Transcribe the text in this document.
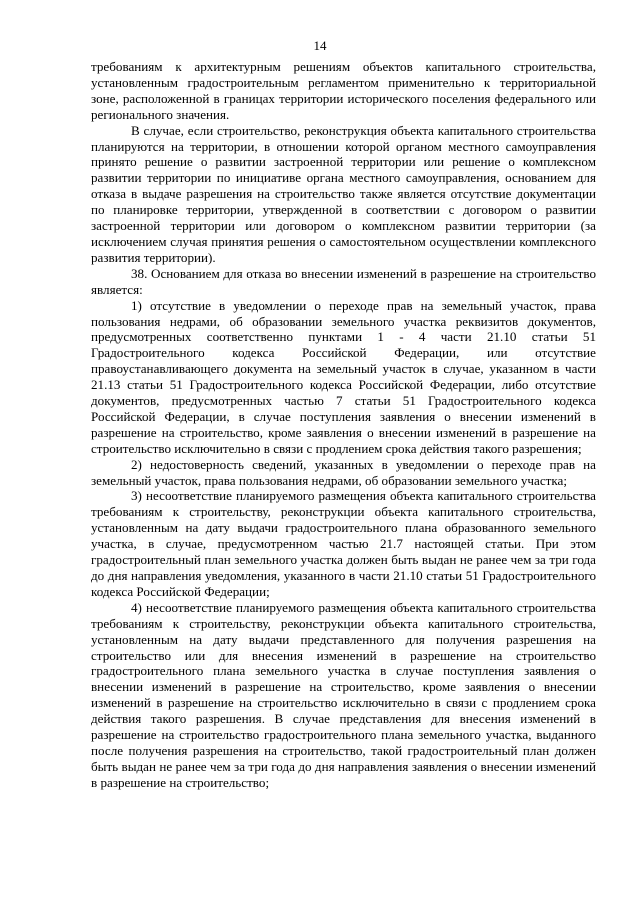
14

требованиям к архитектурным решениям объектов капитального строительства, установленным градостроительным регламентом применительно к территориальной зоне, расположенной в границах территории исторического поселения федерального или регионального значения.

В случае, если строительство, реконструкция объекта капитального строительства планируются на территории, в отношении которой органом местного самоуправления принято решение о развитии застроенной территории или решение о комплексном развитии территории по инициативе органа местного самоуправления, основанием для отказа в выдаче разрешения на строительство также является отсутствие документации по планировке территории, утвержденной в соответствии с договором о развитии застроенной территории или договором о комплексном развитии территории (за исключением случая принятия решения о самостоятельном осуществлении комплексного развития территории).

38. Основанием для отказа во внесении изменений в разрешение на строительство является:

1) отсутствие в уведомлении о переходе прав на земельный участок, права пользования недрами, об образовании земельного участка реквизитов документов, предусмотренных соответственно пунктами 1 - 4 части 21.10 статьи 51 Градостроительного кодекса Российской Федерации, или отсутствие правоустанавливающего документа на земельный участок в случае, указанном в части 21.13 статьи 51 Градостроительного кодекса Российской Федерации, либо отсутствие документов, предусмотренных частью 7 статьи 51 Градостроительного кодекса Российской Федерации, в случае поступления заявления о внесении изменений в разрешение на строительство, кроме заявления о внесении изменений в разрешение на строительство исключительно в связи с продлением срока действия такого разрешения;

2) недостоверность сведений, указанных в уведомлении о переходе прав на земельный участок, права пользования недрами, об образовании земельного участка;

3) несоответствие планируемого размещения объекта капитального строительства требованиям к строительству, реконструкции объекта капитального строительства, установленным на дату выдачи градостроительного плана образованного земельного участка, в случае, предусмотренном частью 21.7 настоящей статьи. При этом градостроительный план земельного участка должен быть выдан не ранее чем за три года до дня направления уведомления, указанного в части 21.10 статьи 51 Градостроительного кодекса Российской Федерации;

4) несоответствие планируемого размещения объекта капитального строительства требованиям к строительству, реконструкции объекта капитального строительства, установленным на дату выдачи представленного для получения разрешения на строительство или для внесения изменений в разрешение на строительство градостроительного плана земельного участка в случае поступления заявления о внесении изменений в разрешение на строительство, кроме заявления о внесении изменений в разрешение на строительство исключительно в связи с продлением срока действия такого разрешения. В случае представления для внесения изменений в разрешение на строительство градостроительного плана земельного участка, выданного после получения разрешения на строительство, такой градостроительный план должен быть выдан не ранее чем за три года до дня направления заявления о внесении изменений в разрешение на строительство;
